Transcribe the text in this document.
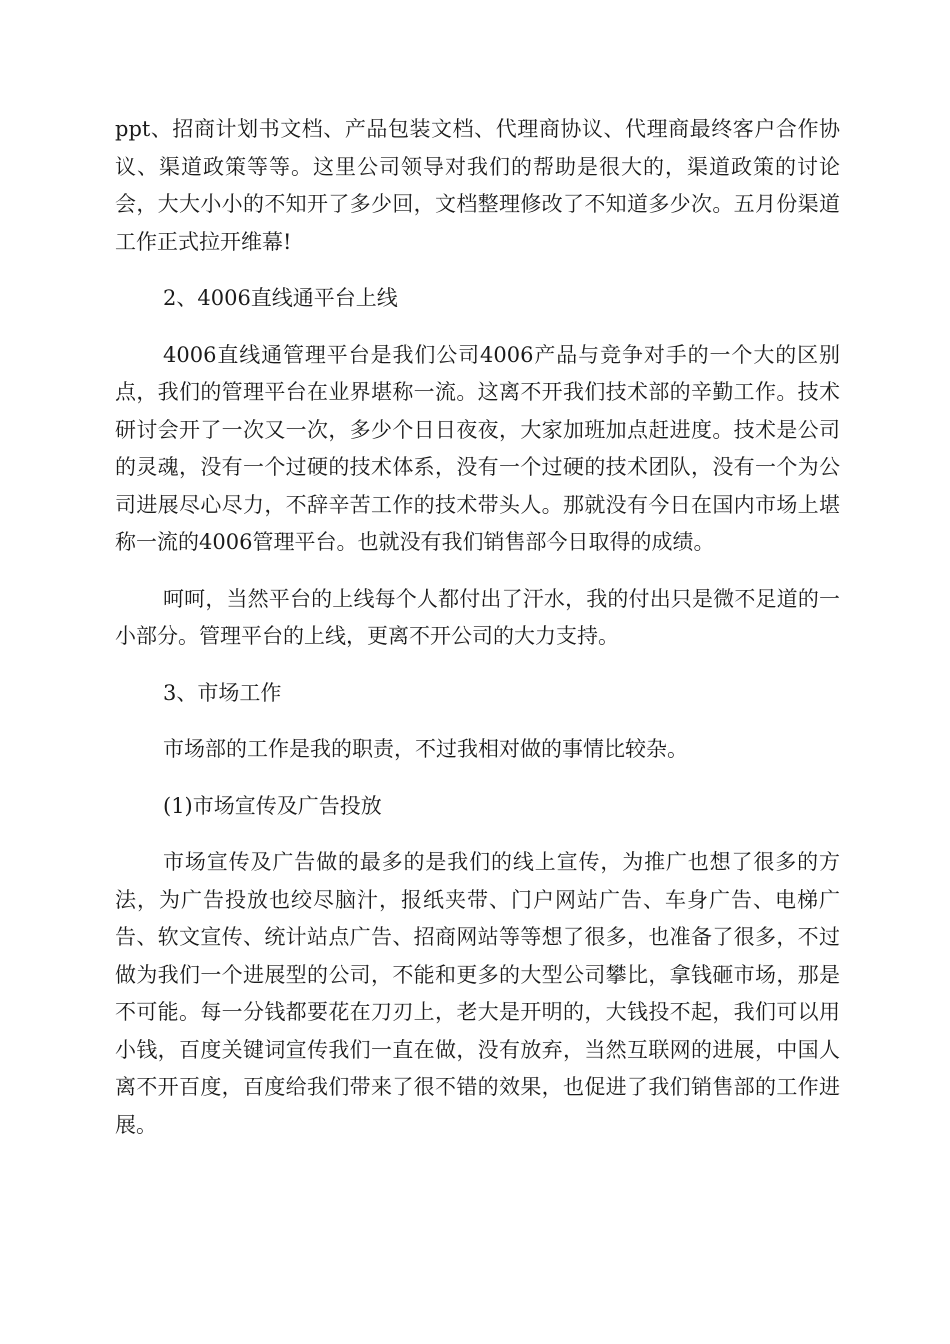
ppt、招商计划书文档、产品包装文档、代理商协议、代理商最终客户合作协议、渠道政策等等。这里公司领导对我们的帮助是很大的，渠道政策的讨论会，大大小小的不知开了多少回，文档整理修改了不知道多少次。五月份渠道工作正式拉开维幕!

2、4006直线通平台上线

4006直线通管理平台是我们公司4006产品与竞争对手的一个大的区别点，我们的管理平台在业界堪称一流。这离不开我们技术部的辛勤工作。技术研讨会开了一次又一次，多少个日日夜夜，大家加班加点赶进度。技术是公司的灵魂，没有一个过硬的技术体系，没有一个过硬的技术团队，没有一个为公司进展尽心尽力，不辞辛苦工作的技术带头人。那就没有今日在国内市场上堪称一流的4006管理平台。也就没有我们销售部今日取得的成绩。

呵呵，当然平台的上线每个人都付出了汗水，我的付出只是微不足道的一小部分。管理平台的上线，更离不开公司的大力支持。

3、市场工作

市场部的工作是我的职责，不过我相对做的事情比较杂。

(1)市场宣传及广告投放

市场宣传及广告做的最多的是我们的线上宣传，为推广也想了很多的方法，为广告投放也绞尽脑汁，报纸夹带、门户网站广告、车身广告、电梯广告、软文宣传、统计站点广告、招商网站等等想了很多，也准备了很多，不过做为我们一个进展型的公司，不能和更多的大型公司攀比，拿钱砸市场，那是不可能。每一分钱都要花在刀刃上，老大是开明的，大钱投不起，我们可以用小钱，百度关键词宣传我们一直在做，没有放弃，当然互联网的进展，中国人离不开百度，百度给我们带来了很不错的效果，也促进了我们销售部的工作进展。
